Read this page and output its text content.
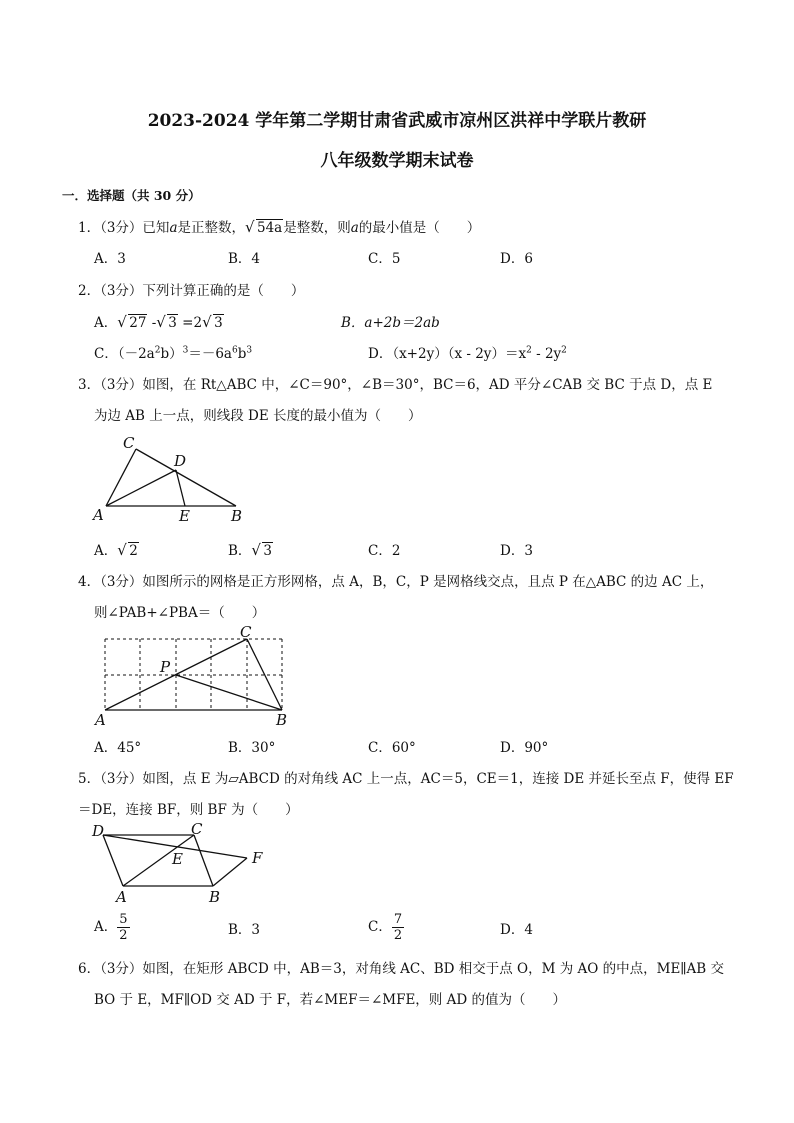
2023-2024 学年第二学期甘肃省武威市凉州区洪祥中学联片教研
八年级数学期末试卷
一．选择题（共 30 分）
1．（3分）已知a是正整数， √ 54a是整数，则a的最小值是（　　）
A．3	B．4	C．5	D．6
2．（3分）下列计算正确的是（　　）
A． √ 27 - √ 3 =2 √ 3	B．a+2b＝2ab
C．$(-2a^2b)^3=-6a^6b^3$	D．$(x+2y)(x - 2y)=x^2 - 2y^2$
3．（3分）如图，在 Rt△ABC 中，∠C＝90°，∠B＝30°，BC＝6，AD 平分∠CAB 交 BC 于点 D，点 E
为边 AB 上一点，则线段 DE 长度的最小值为（　　）
C
D
A	E	B
A． √ 2	B． √ 3	C．2	D．3
4．（3分）如图所示的网格是正方形网格，点 A，B，C，P 是网格线交点，且点 P 在△ABC 的边 AC 上，
则∠PAB+∠PBA＝（　　）
C
P
A	B
A．45°	B．30°	C．60°	D．90°
5．（3分）如图，点 E 为▱ABCD 的对角线 AC 上一点，AC＝5，CE＝1，连接 DE 并延长至点 F，使得 EF
＝DE，连接 BF，则 BF 为（　　）
D	C
E	F
A	B
A． $\frac{5}{2}$	B．3	C． $\frac{7}{2}$	D．4
6．（3分）如图，在矩形 ABCD 中，AB＝3，对角线 AC、BD 相交于点 O，M 为 AO 的中点，ME∥AB 交
BO 于 E，MF∥OD 交 AD 于 F，若∠MEF＝∠MFE，则 AD 的值为（　　）
